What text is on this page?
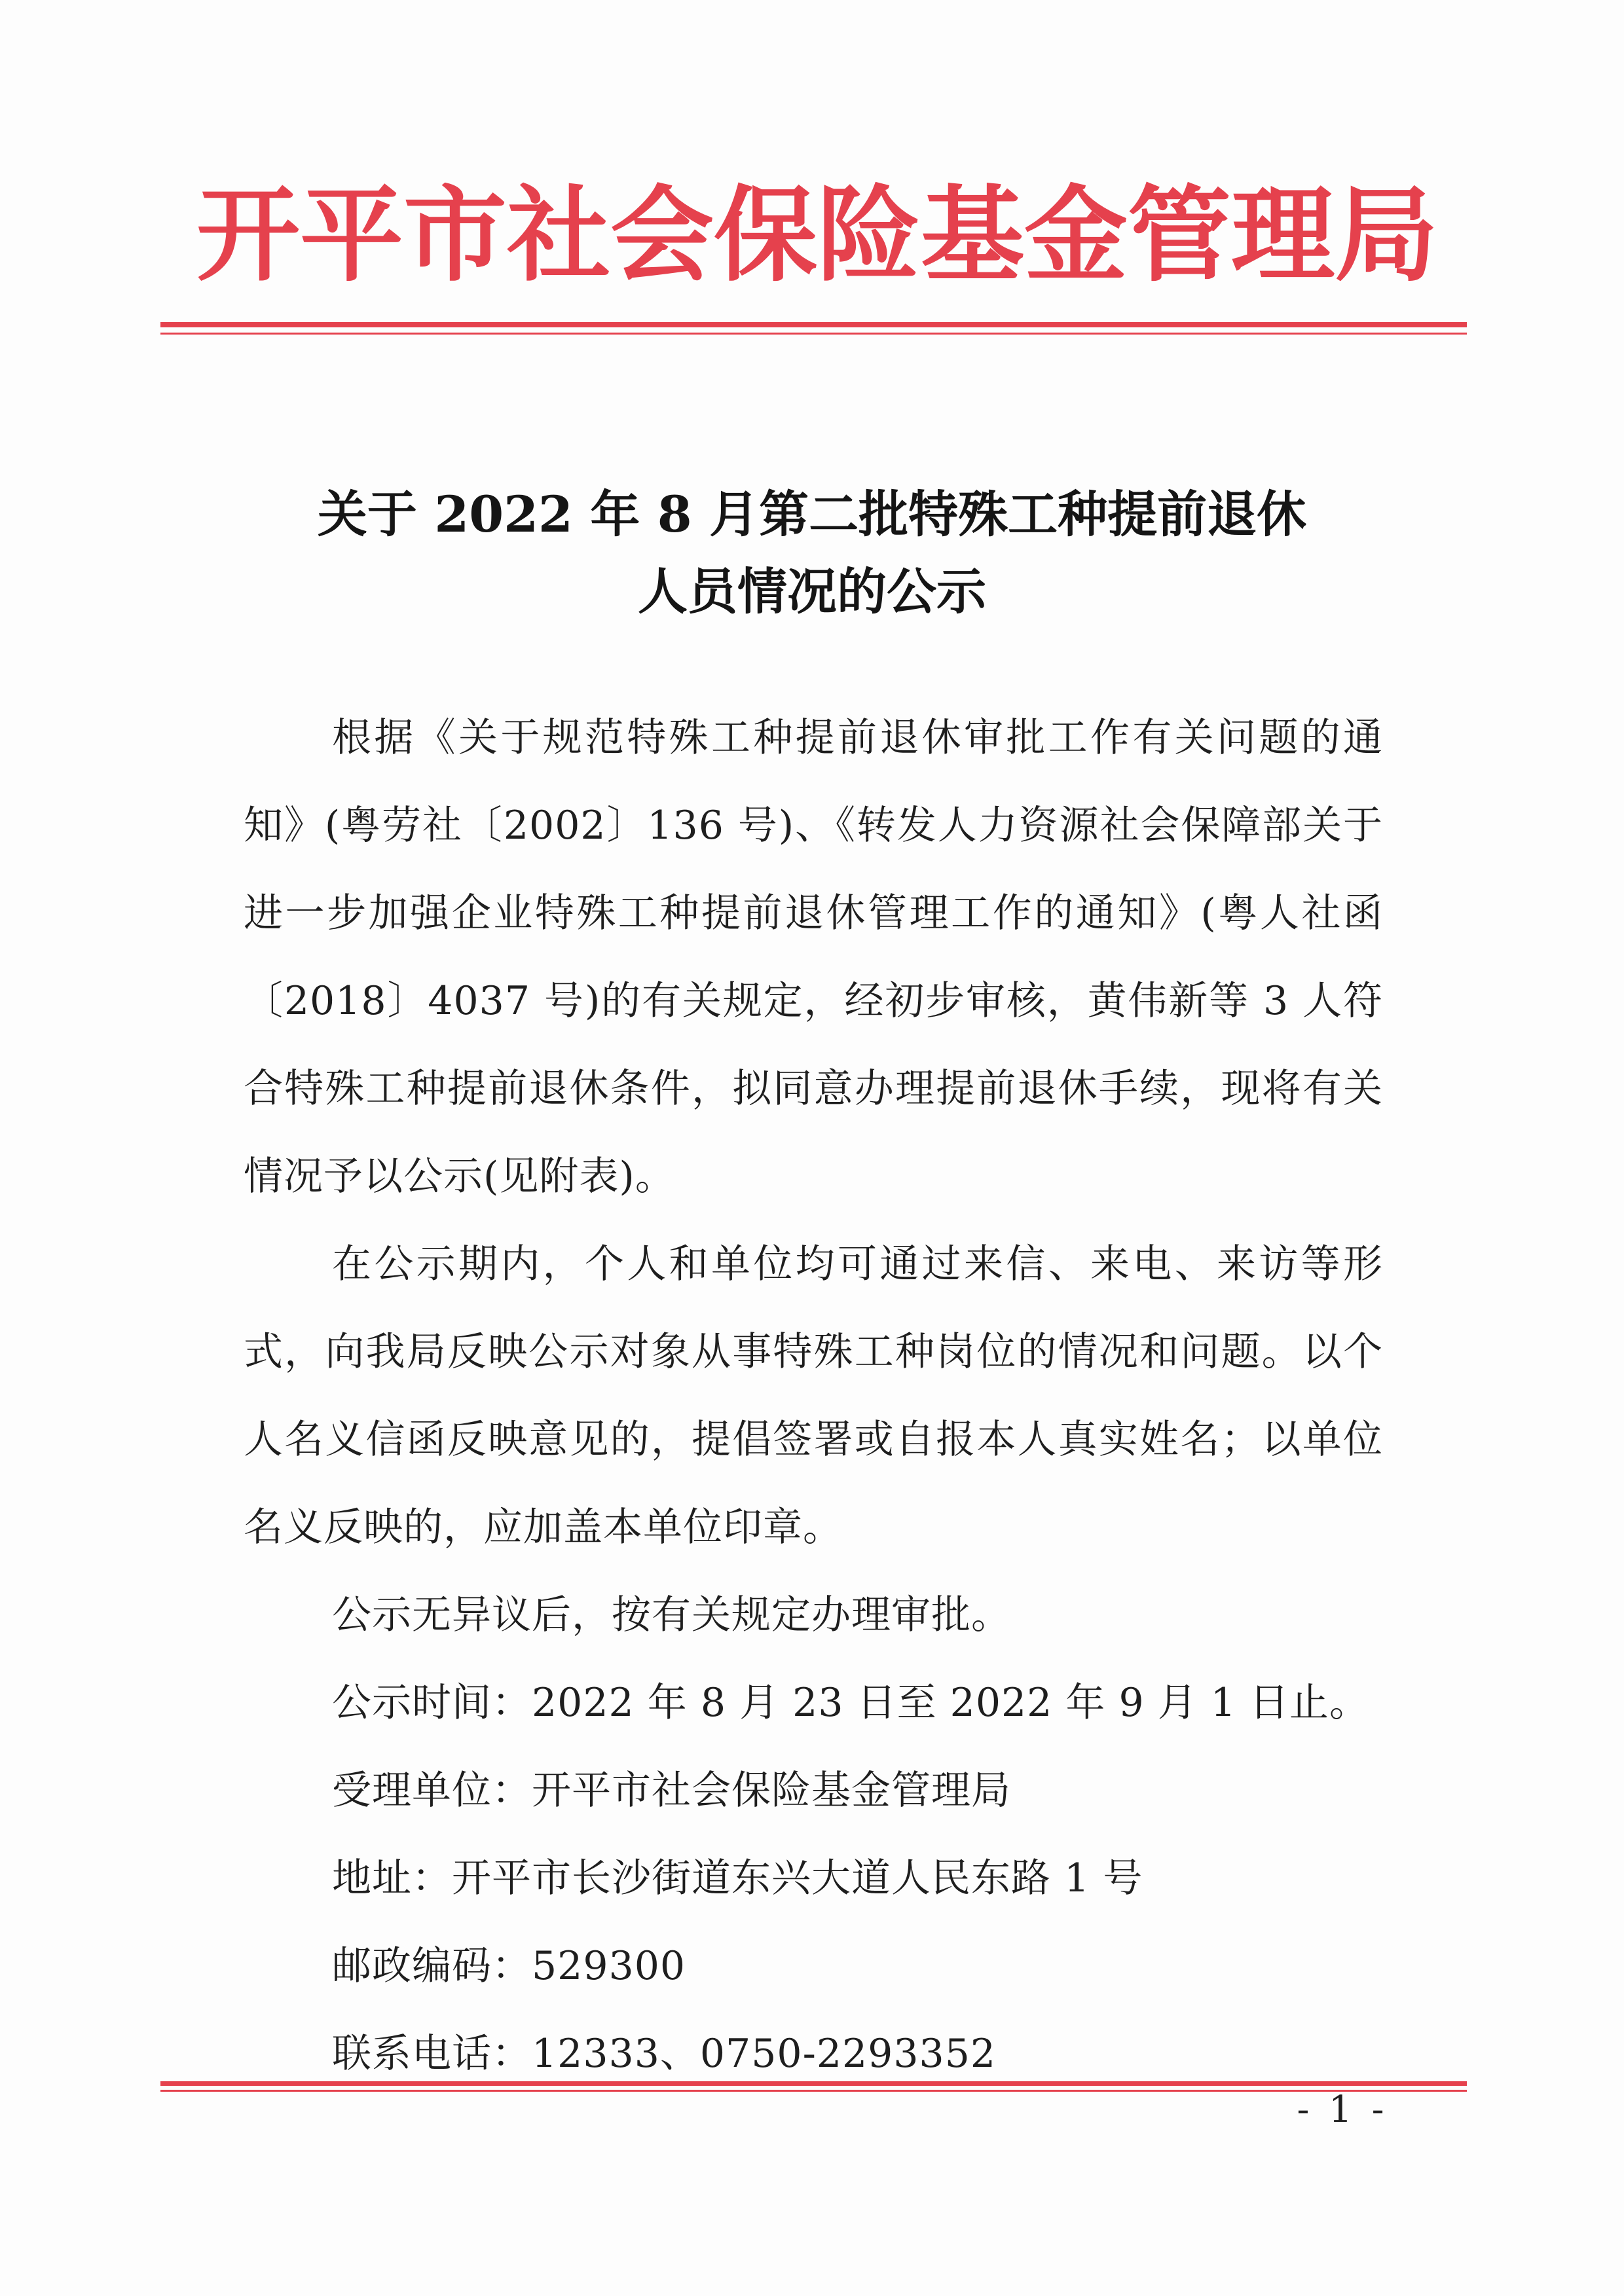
开平市社会保险基金管理局
关于 2022 年 8 月第二批特殊工种提前退休
人员情况的公示

根据《关于规范特殊工种提前退休审批工作有关问题的通知》(粤劳社〔2002〕136 号)、《转发人力资源社会保障部关于进一步加强企业特殊工种提前退休管理工作的通知》(粤人社函〔2018〕4037 号)的有关规定，经初步审核，黄伟新等 3 人符合特殊工种提前退休条件，拟同意办理提前退休手续，现将有关情况予以公示(见附表)。

在公示期内，个人和单位均可通过来信、来电、来访等形式，向我局反映公示对象从事特殊工种岗位的情况和问题。以个人名义信函反映意见的，提倡签署或自报本人真实姓名；以单位名义反映的，应加盖本单位印章。

公示无异议后，按有关规定办理审批。

公示时间：2022 年 8 月 23 日至 2022 年 9 月 1 日止。

受理单位：开平市社会保险基金管理局

地址：开平市长沙街道东兴大道人民东路 1 号

邮政编码：529300

联系电话：12333、0750-2293352

- 1 -
